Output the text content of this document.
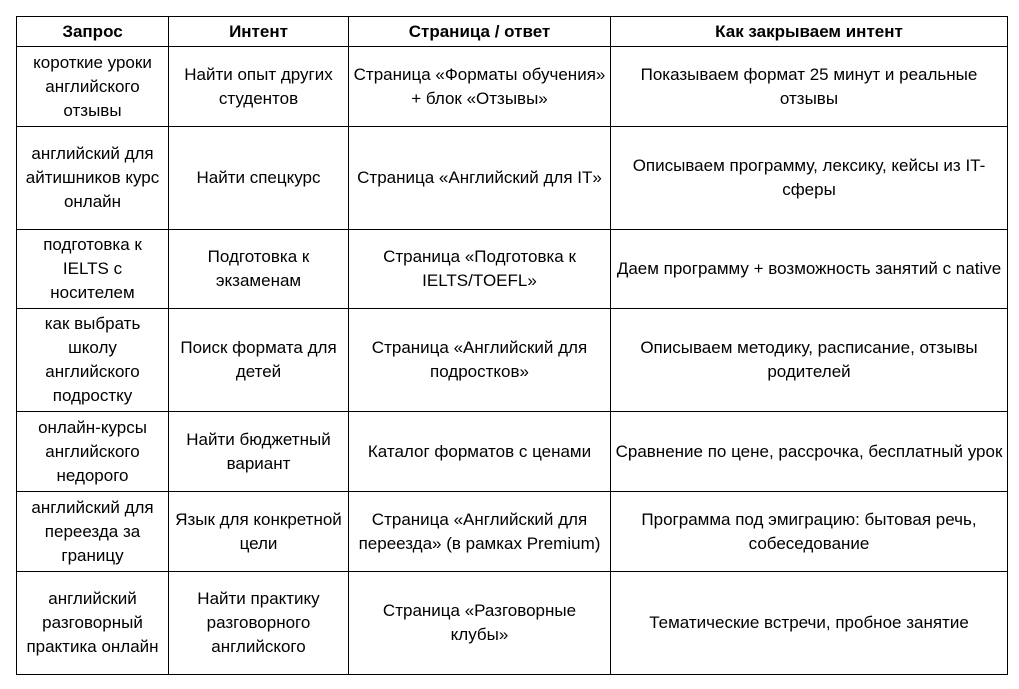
Запрос	Интент	Страница / ответ	Как закрываем интент
короткие уроки английского отзывы	Найти опыт других студентов	Страница «Форматы обучения» + блок «Отзывы»	Показываем формат 25 минут и реальные отзывы
английский для айтишников курс онлайн	Найти спецкурс	Страница «Английский для IT»	Описываем программу, лексику, кейсы из IT-сферы
подготовка к IELTS с носителем	Подготовка к экзаменам	Страница «Подготовка к IELTS/TOEFL»	Даем программу + возможность занятий с native
как выбрать школу английского подростку	Поиск формата для детей	Страница «Английский для подростков»	Описываем методику, расписание, отзывы родителей
онлайн-курсы английского недорого	Найти бюджетный вариант	Каталог форматов с ценами	Сравнение по цене, рассрочка, бесплатный урок
английский для переезда за границу	Язык для конкретной цели	Страница «Английский для переезда» (в рамках Premium)	Программа под эмиграцию: бытовая речь, собеседование
английский разговорный практика онлайн	Найти практику разговорного английского	Страница «Разговорные клубы»	Тематические встречи, пробное занятие
